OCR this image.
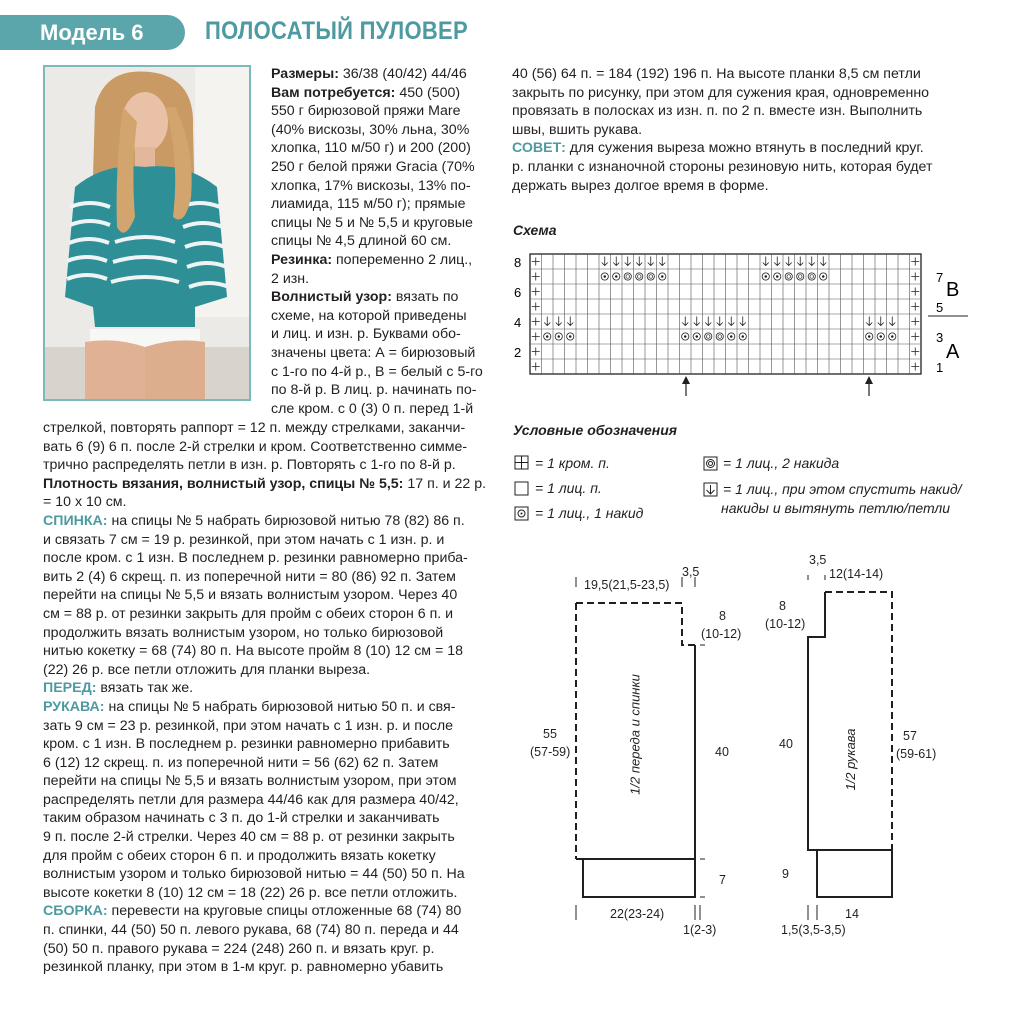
Модель 6	ПОЛОСАТЫЙ ПУЛОВЕР
Размеры: 36/38 (40/42) 44/46
Вам потребуется: 450 (500)
550 г бирюзовой пряжи Mare
(40% вискозы, 30% льна, 30%
хлопка, 110 м/50 г) и 200 (200)
250 г белой пряжи Gracia (70%
хлопка, 17% вискозы, 13% по-
лиамида, 115 м/50 г); прямые
спицы № 5 и № 5,5 и круговые
спицы № 4,5 длиной 60 см.
Резинка: попеременно 2 лиц.,
2 изн.
Волнистый узор: вязать по
схеме, на которой приведены
и лиц. и изн. р. Буквами обо-
значены цвета: А = бирюзовый
с 1-го по 4-й р., В = белый с 5-го
по 8-й р. В лиц. р. начинать по-
сле кром. с 0 (3) 0 п. перед 1-й
стрелкой, повторять раппорт = 12 п. между стрелками, заканчи-
вать 6 (9) 6 п. после 2-й стрелки и кром. Соответственно симме-
трично распределять петли в изн. р. Повторять с 1-го по 8-й р.
Плотность вязания, волнистый узор, спицы № 5,5: 17 п. и 22 р.
= 10 х 10 см.
СПИНКА: на спицы № 5 набрать бирюзовой нитью 78 (82) 86 п.
и связать 7 см = 19 р. резинкой, при этом начать с 1 изн. р. и
после кром. с 1 изн. В последнем р. резинки равномерно приба-
вить 2 (4) 6 скрещ. п. из поперечной нити = 80 (86) 92 п. Затем
перейти на спицы № 5,5 и вязать волнистым узором. Через 40
см = 88 р. от резинки закрыть для пройм с обеих сторон 6 п. и
продолжить вязать волнистым узором, но только бирюзовой
нитью кокетку = 68 (74) 80 п. На высоте пройм 8 (10) 12 см = 18
(22) 26 р. все петли отложить для планки выреза.
ПЕРЕД: вязать так же.
РУКАВА: на спицы № 5 набрать бирюзовой нитью 50 п. и свя-
зать 9 см = 23 р. резинкой, при этом начать с 1 изн. р. и после
кром. с 1 изн. В последнем р. резинки равномерно прибавить
6 (12) 12 скрещ. п. из поперечной нити = 56 (62) 62 п. Затем
перейти на спицы № 5,5 и вязать волнистым узором, при этом
распределять петли для размера 44/46 как для размера 40/42,
таким образом начинать с 3 п. до 1-й стрелки и заканчивать
9 п. после 2-й стрелки. Через 40 см = 88 р. от резинки закрыть
для пройм с обеих сторон 6 п. и продолжить вязать кокетку
волнистым узором и только бирюзовой нитью = 44 (50) 50 п. На
высоте кокетки 8 (10) 12 см = 18 (22) 26 р. все петли отложить.
СБОРКА: перевести на круговые спицы отложенные 68 (74) 80
п. спинки, 44 (50) 50 п. левого рукава, 68 (74) 80 п. переда и 44
(50) 50 п. правого рукава = 224 (248) 260 п. и вязать круг. р.
резинкой планку, при этом в 1-м круг. р. равномерно убавить
40 (56) 64 п. = 184 (192) 196 п. На высоте планки 8,5 см петли
закрыть по рисунку, при этом для сужения края, одновременно
провязать в полосках из изн. п. по 2 п. вместе изн. Выполнить
швы, вшить рукава.
СОВЕТ: для сужения выреза можно втянуть в последний круг.
р. планки с изнаночной стороны резиновую нить, которая будет
держать вырез долгое время в форме.
Схема
8
6
4
2
7
5
3
1
B
A
Условные обозначения
= 1 кром. п.
= 1 лиц. п.
= 1 лиц., 1 накид
= 1 лиц., 2 накида
= 1 лиц., при этом спустить накид/
накиды и вытянуть петлю/петли
1/2 переда и спинки
19,5(21,5-23,5)
3,5
8
(10-12)
55
(57-59)	40
7
22(23-24)
1(2-3)
1/2 рукава
3,5
12(14-14)
8
(10-12)
40
57
(59-61)
9
1,5(3,5-3,5)
14
